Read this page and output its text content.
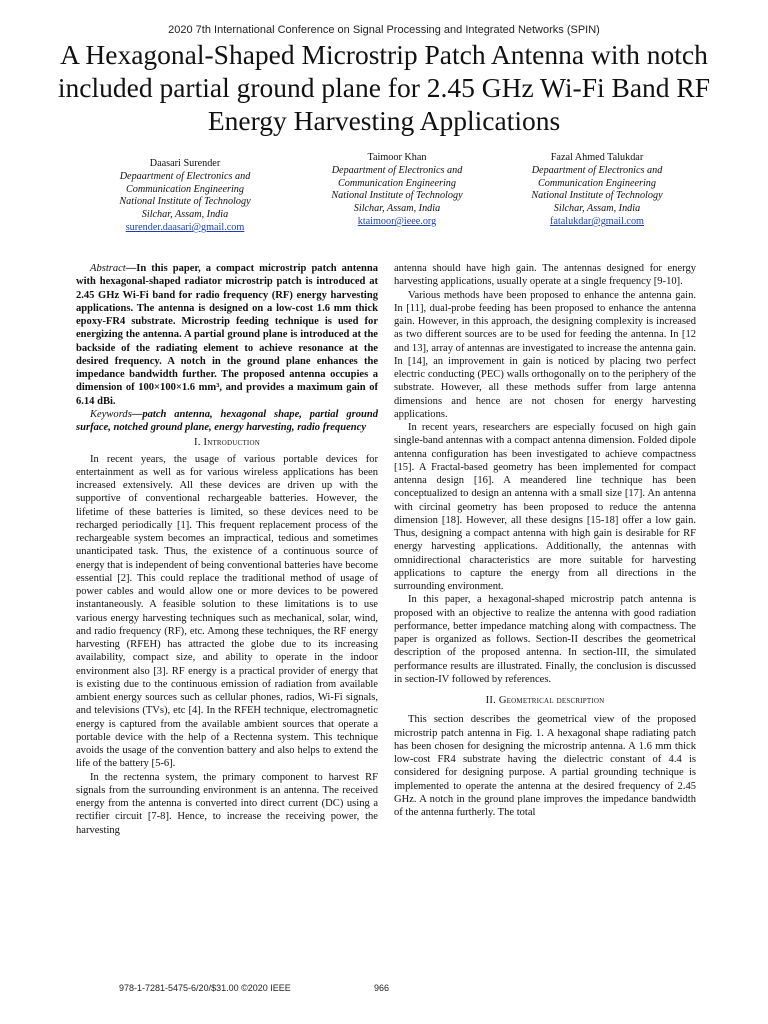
2020 7th International Conference on Signal Processing and Integrated Networks (SPIN)
A Hexagonal-Shaped Microstrip Patch Antenna with notch included partial ground plane for 2.45 GHz Wi-Fi Band RF Energy Harvesting Applications
Daasari Surender
Depaartment of Electronics and
Communication Engineering
National Institute of Technology
Silchar, Assam, India
surender.daasari@gmail.com
Taimoor Khan
Depaartment of Electronics and
Communication Engineering
National Institute of Technology
Silchar, Assam, India
ktaimoor@ieee.org
Fazal Ahmed Talukdar
Depaartment of Electronics and
Communication Engineering
National Institute of Technology
Silchar, Assam, India
fatalukdar@gmail.com

Abstract—In this paper, a compact microstrip patch antenna with hexagonal-shaped radiator microstrip patch is introduced at 2.45 GHz Wi-Fi band for radio frequency (RF) energy harvesting applications. The antenna is designed on a low-cost 1.6 mm thick epoxy-FR4 substrate. Microstrip feeding technique is used for energizing the antenna. A partial ground plane is introduced at the backside of the radiating element to achieve resonance at the desired frequency. A notch in the ground plane enhances the impedance bandwidth further. The proposed antenna occupies a dimension of 100×100×1.6 mm³, and provides a maximum gain of 6.14 dBi.

Keywords—patch antenna, hexagonal shape, partial ground surface, notched ground plane, energy harvesting, radio frequency

I. Introduction

In recent years, the usage of various portable devices for entertainment as well as for various wireless applications has been increased extensively. All these devices are driven up with the supportive of conventional rechargeable batteries. However, the lifetime of these batteries is limited, so these devices need to be recharged periodically [1]. This frequent replacement process of the rechargeable system becomes an impractical, tedious and sometimes unanticipated task. Thus, the existence of a continuous source of energy that is independent of being conventional batteries have become essential [2]. This could replace the traditional method of usage of power cables and would allow one or more devices to be powered instantaneously. A feasible solution to these limitations is to use various energy harvesting techniques such as mechanical, solar, wind, and radio frequency (RF), etc. Among these techniques, the RF energy harvesting (RFEH) has attracted the globe due to its increasing availability, compact size, and ability to operate in the indoor environment also [3]. RF energy is a practical provider of energy that is existing due to the continuous emission of radiation from available ambient energy sources such as cellular phones, radios, Wi-Fi signals, and televisions (TVs), etc [4]. In the RFEH technique, electromagnetic energy is captured from the available ambient sources that operate a portable device with the help of a Rectenna system. This technique avoids the usage of the convention battery and also helps to extend the life of the battery [5-6].

In the rectenna system, the primary component to harvest RF signals from the surrounding environment is an antenna. The received energy from the antenna is converted into direct current (DC) using a rectifier circuit [7-8]. Hence, to increase the receiving power, the harvesting

antenna should have high gain. The antennas designed for energy harvesting applications, usually operate at a single frequency [9-10].

Various methods have been proposed to enhance the antenna gain. In [11], dual-probe feeding has been proposed to enhance the antenna gain. However, in this approach, the designing complexity is increased as two different sources are to be used for feeding the antenna. In [12 and 13], array of antennas are investigated to increase the antenna gain. In [14], an improvement in gain is noticed by placing two perfect electric conducting (PEC) walls orthogonally on to the periphery of the substrate. However, all these methods suffer from large antenna dimensions and hence are not chosen for energy harvesting applications.

In recent years, researchers are especially focused on high gain single-band antennas with a compact antenna dimension. Folded dipole antenna configuration has been investigated to achieve compactness [15]. A Fractal-based geometry has been implemented for compact antenna design [16]. A meandered line technique has been conceptualized to design an antenna with a small size [17]. An antenna with circinal geometry has been proposed to reduce the antenna dimension [18]. However, all these designs [15-18] offer a low gain. Thus, designing a compact antenna with high gain is desirable for RF energy harvesting applications. Additionally, the antennas with omnidirectional characteristics are more suitable for harvesting applications to capture the energy from all directions in the surrounding environment.

In this paper, a hexagonal-shaped microstrip patch antenna is proposed with an objective to realize the antenna with good radiation performance, better impedance matching along with compactness. The paper is organized as follows. Section-II describes the geometrical description of the proposed antenna. In section-III, the simulated performance results are illustrated. Finally, the conclusion is discussed in section-IV followed by references.

II. Geometrical description

This section describes the geometrical view of the proposed microstrip patch antenna in Fig. 1. A hexagonal shape radiating patch has been chosen for designing the microstrip antenna. A 1.6 mm thick low-cost FR4 substrate having the dielectric constant of 4.4 is considered for designing purpose. A partial grounding technique is implemented to operate the antenna at the desired frequency of 2.45 GHz. A notch in the ground plane improves the impedance bandwidth of the antenna furtherly. The total

978-1-7281-5475-6/20/$31.00 ©2020 IEEE	966
